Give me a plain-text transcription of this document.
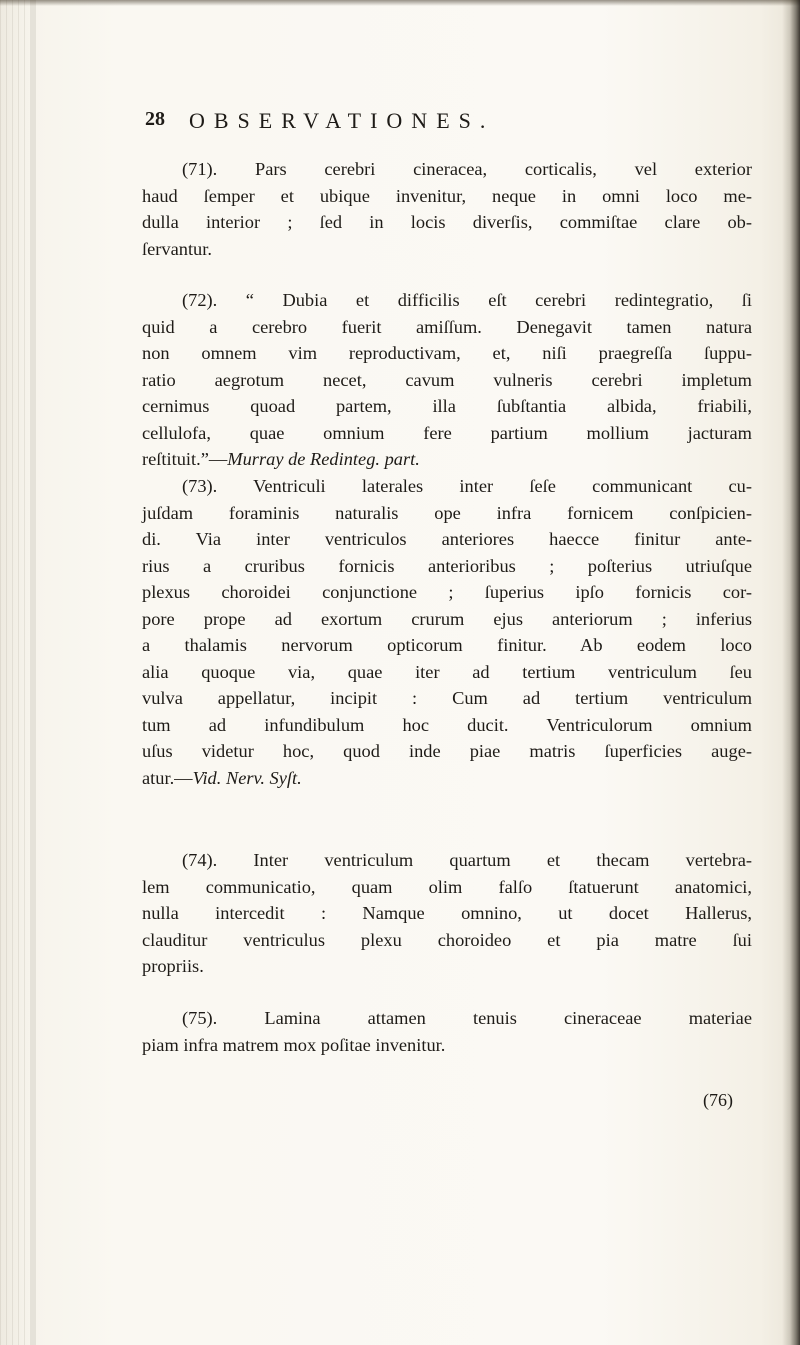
28 OBSERVATIONES.

(71). Pars cerebri cineracea, corticalis, vel exterior
haud ſemper et ubique invenitur, neque in omni loco me-
dulla interior ; ſed in locis diverſis, commiſtae clare ob-
ſervantur.

(72). “ Dubia et difficilis eſt cerebri redintegratio, ſi
quid a cerebro fuerit amiſſum. Denegavit tamen natura
non omnem vim reproductivam, et, niſi praegreſſa ſuppu-
ratio aegrotum necet, cavum vulneris cerebri impletum
cernimus quoad partem, illa ſubſtantia albida, friabili,
cellulofa, quae omnium fere partium mollium jacturam
reſtituit.”—Murray de Redinteg. part.

(73). Ventriculi laterales inter ſeſe communicant cu-
juſdam foraminis naturalis ope infra fornicem conſpicien-
di. Via inter ventriculos anteriores haecce finitur ante-
rius a cruribus fornicis anterioribus ; poſterius utriuſque
plexus choroidei conjunctione ; ſuperius ipſo fornicis cor-
pore prope ad exortum crurum ejus anteriorum ; inferius
a thalamis nervorum opticorum finitur. Ab eodem loco
alia quoque via, quae iter ad tertium ventriculum ſeu
vulva appellatur, incipit : Cum ad tertium ventriculum
tum ad infundibulum hoc ducit. Ventriculorum omnium
uſus videtur hoc, quod inde piae matris ſuperficies auge-
atur.—Vid. Nerv. Syſt.

(74). Inter ventriculum quartum et thecam vertebra-
lem communicatio, quam olim falſo ſtatuerunt anatomici,
nulla intercedit : Namque omnino, ut docet Hallerus,
clauditur ventriculus plexu choroideo et pia matre ſui
propriis.

(75). Lamina attamen tenuis cineraceae materiae
piam infra matrem mox poſitae invenitur.

(76)
